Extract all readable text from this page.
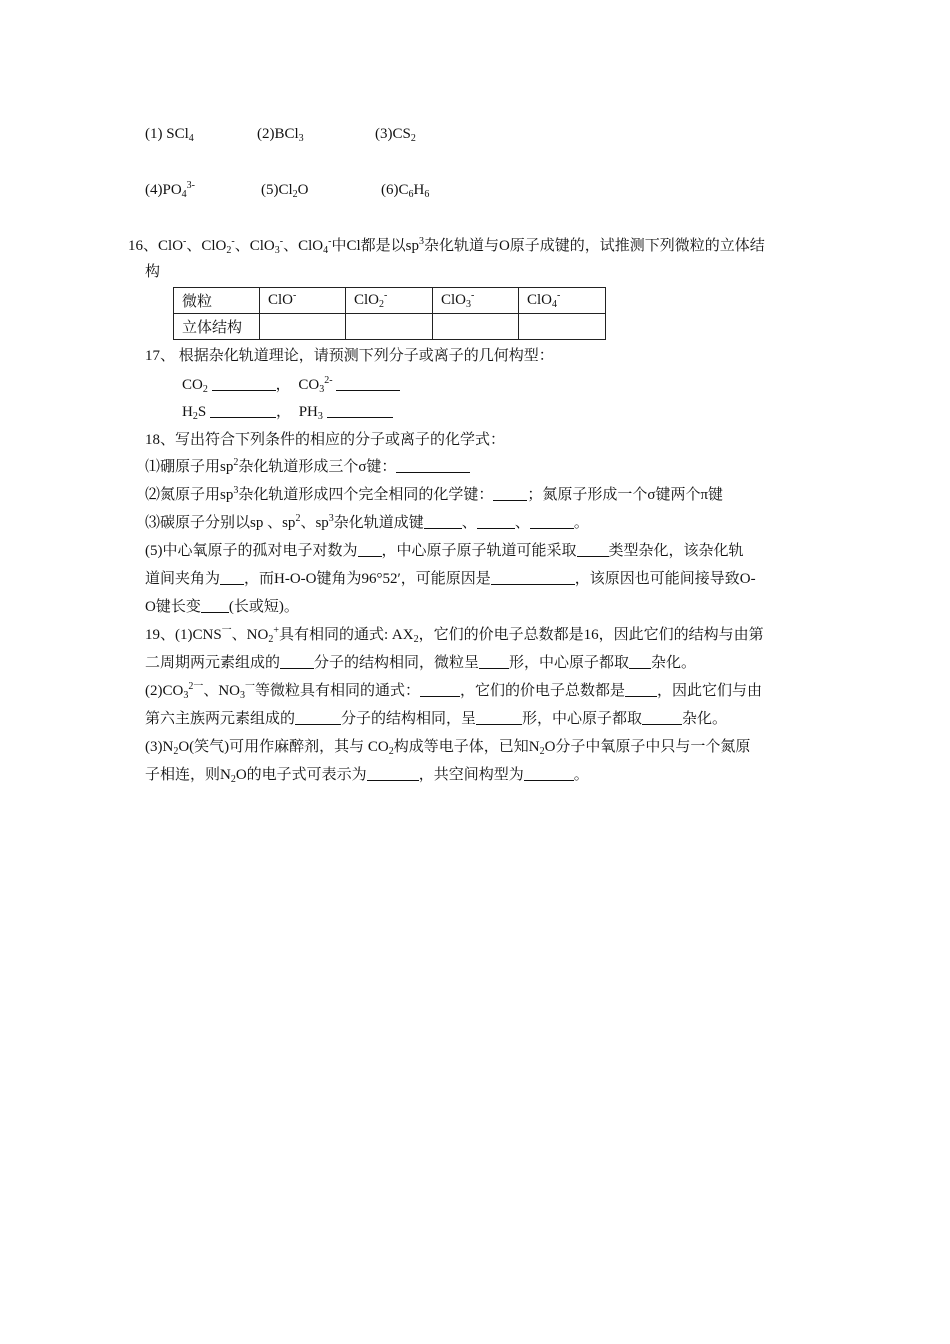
(1) SCl$_4$	(2)BCl$_3$	$(3)CS_2$
$(4)PO_4^{3-}$	$(5)Cl_2O$	$(6)C_6H_6$
16、ClO-、ClO$_2$-、ClO$_3$-、ClO$_4$-中Cl都是以$sp^3$杂化轨道与O原子成键的，试推测下列微粒的立体结
构
微粒	ClO-	ClO$_2$-	ClO$_3$-	ClO$_4$-
立体结构				
17、 根据杂化轨道理论，请预测下列分子或离子的几何构型：
$CO_2$	， $CO_3^{2-}$
$H_2S$	， $PH_3$
18、写出符合下列条件的相应的分子或离子的化学式：
⑴硼原子用$sp^2$杂化轨道形成三个σ键：
⑵氮原子用$sp^3$杂化轨道形成四个完全相同的化学键： ；氮原子形成一个σ键两个π键
⑶碳原子分别以sp 、$sp^2$、$sp^3$杂化轨道成键	、	、	。
(5)中心氧原子的孤对电子对数为 ，中心原子原子轨道可能采取 类型杂化，该杂化轨
道间夹角为 ，而H-O-O键角为96°52′，可能原因是	，该原因也可能间接导致O-
O键长变 (长或短)。
19、$(1)CNS^一$、$NO_2^+$具有相同的通式: $AX_2$，它们的价电子总数都是16，因此它们的结构与由第
二周期两元素组成的 分子的结构相同，微粒呈 形，中心原子都取 杂化。
$(2)CO_3^{2一}$、$NO_3^一$等微粒具有相同的通式：	，它们的价电子总数都是 ，因此它们与由
第六主族两元素组成的	分子的结构相同，呈	形，中心原子都取	杂化。
$(3)N_2O$(笑气)可用作麻醉剂，其与 $CO_2$构成等电子体，已知$N_2O$分子中氧原子中只与一个氮原
子相连，则$N_2O$的电子式可表示为	，共空间构型为	。
